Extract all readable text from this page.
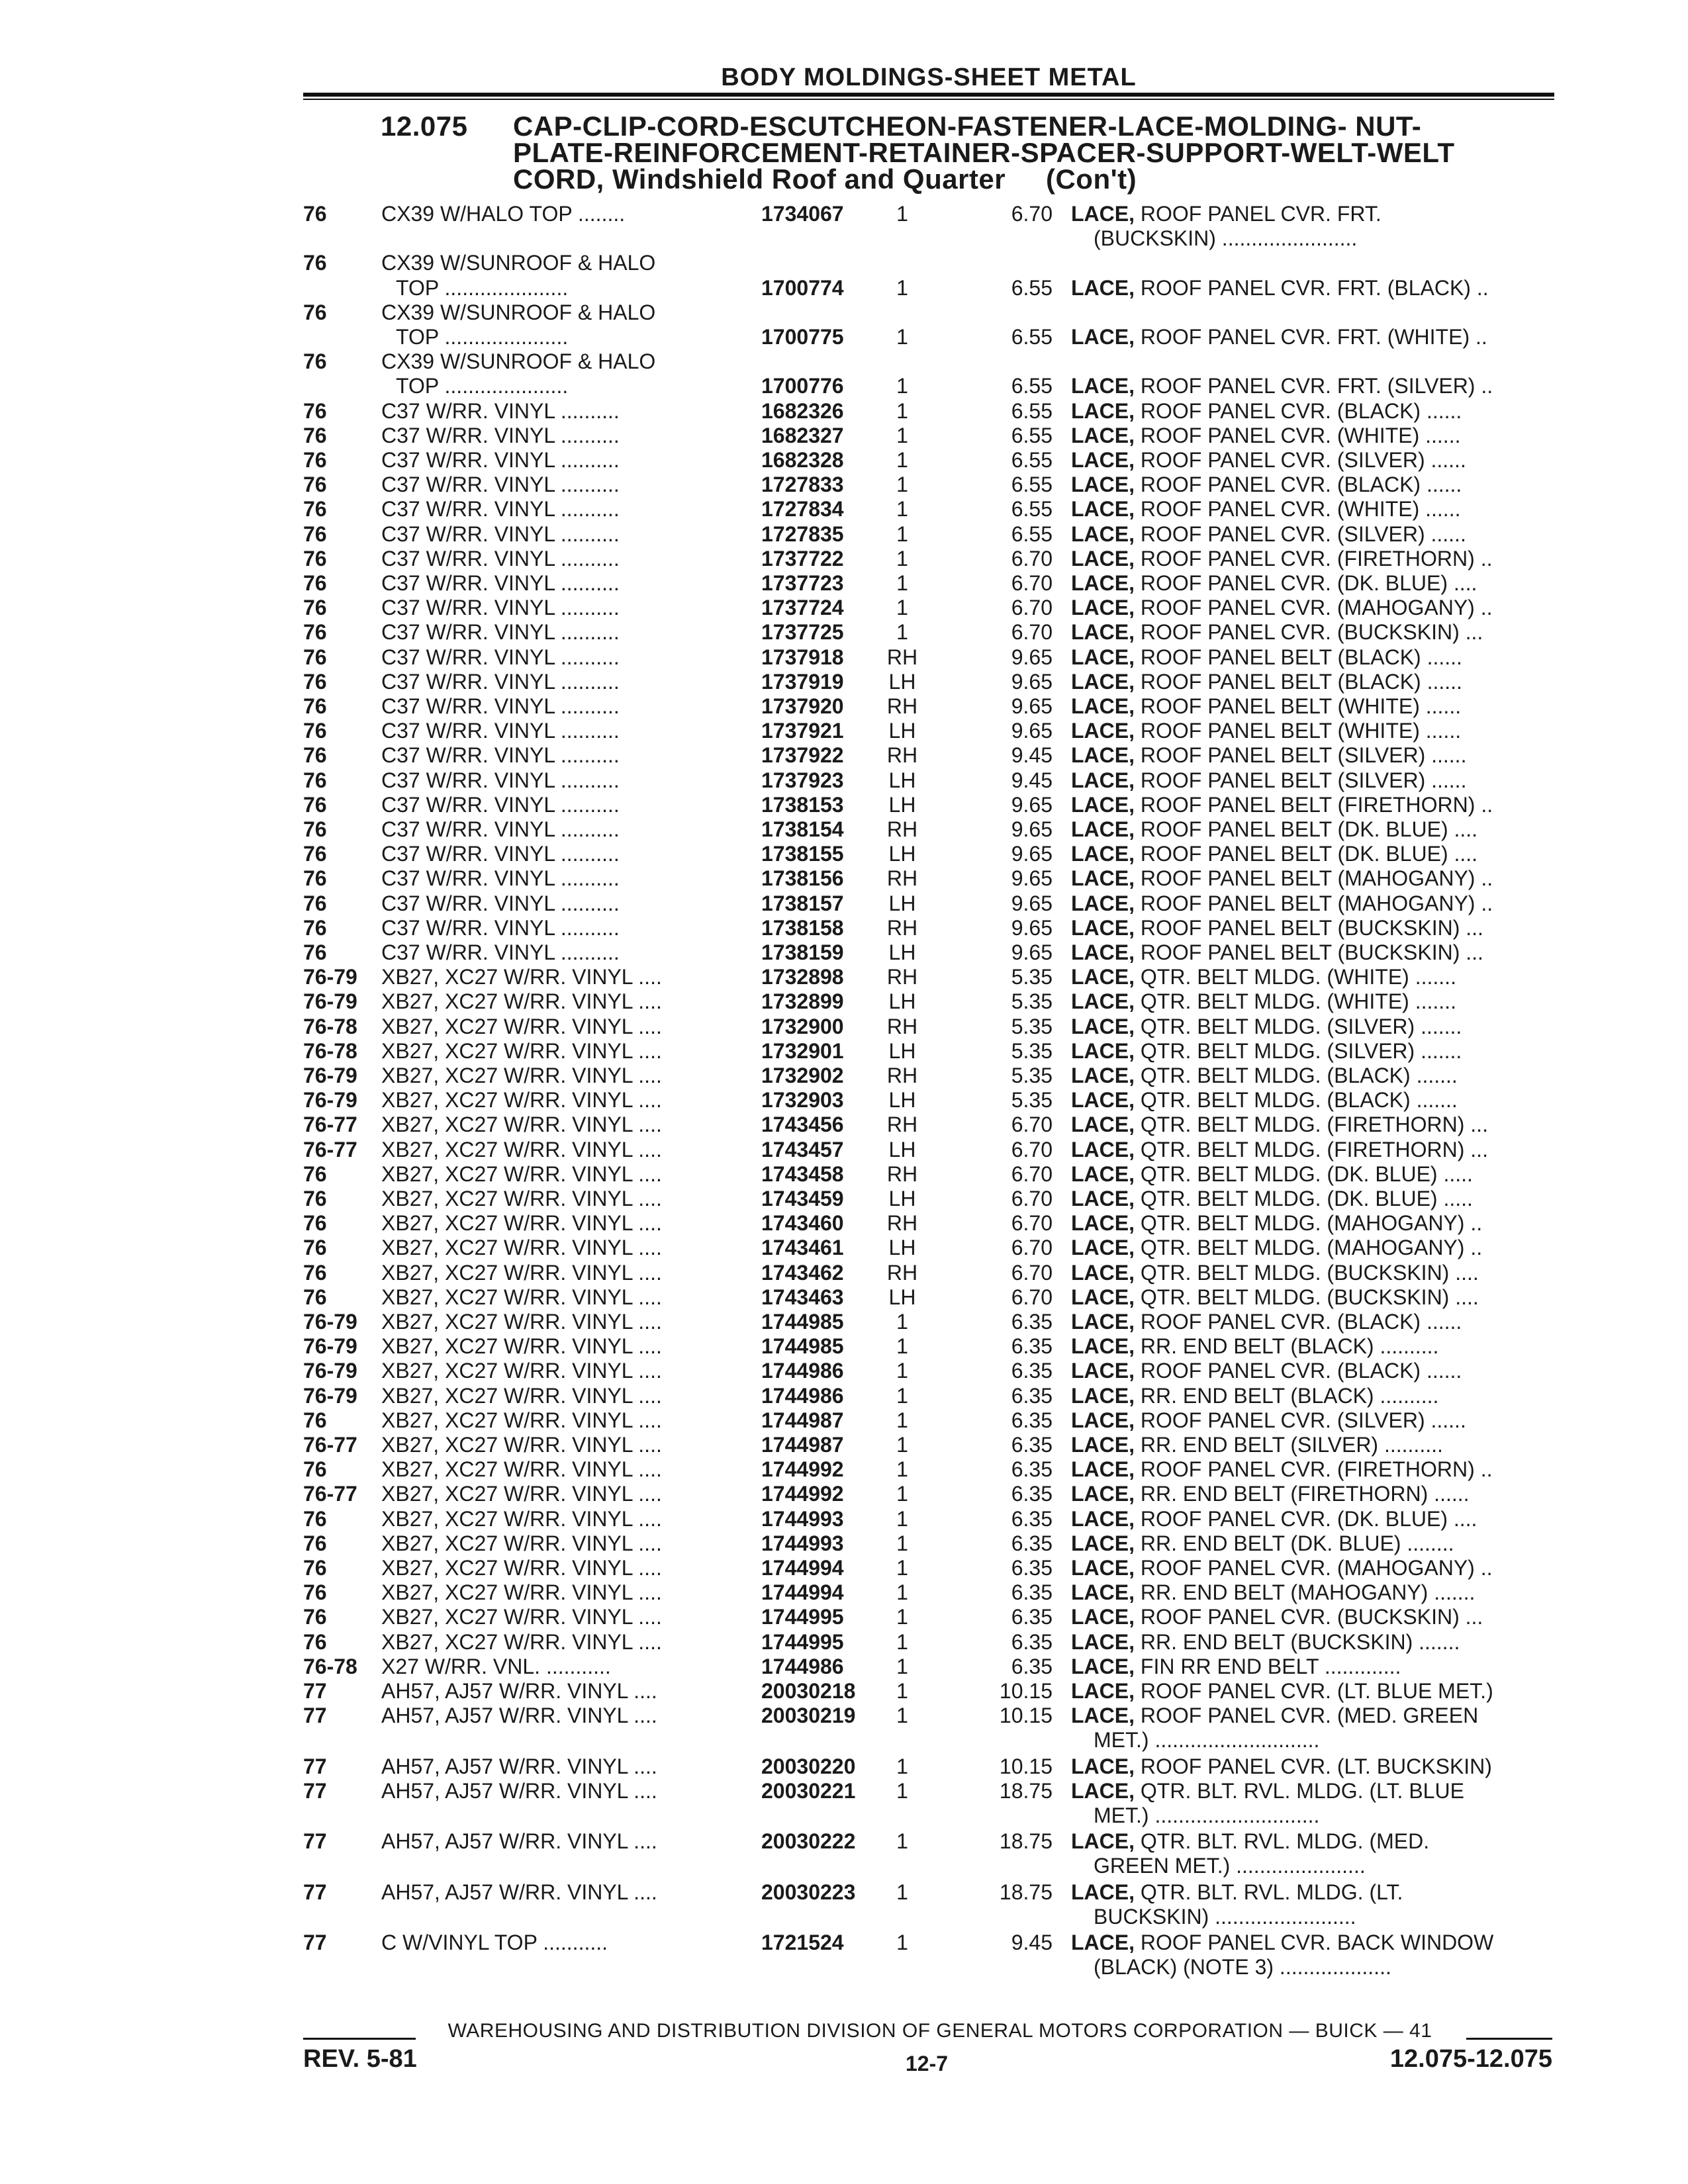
BODY MOLDINGS-SHEET METAL
12.075 CAP-CLIP-CORD-ESCUTCHEON-FASTENER-LACE-MOLDING- NUT-
PLATE-REINFORCEMENT-RETAINER-SPACER-SUPPORT-WELT-WELT
CORD, Windshield Roof and Quarter     (Con't)
76	CX39 W/HALO TOP ........	1734067	1	6.70 LACE, ROOF PANEL CVR. FRT.
(BUCKSKIN) .......................
76	CX39 W/SUNROOF & HALO
TOP .....................	1700774	1	6.55 LACE, ROOF PANEL CVR. FRT. (BLACK) ..
76	CX39 W/SUNROOF & HALO
TOP .....................	1700775	1	6.55 LACE, ROOF PANEL CVR. FRT. (WHITE) ..
76	CX39 W/SUNROOF & HALO
TOP .....................	1700776	1	6.55 LACE, ROOF PANEL CVR. FRT. (SILVER) ..
76	C37 W/RR. VINYL ..........	1682326	1	6.55 LACE, ROOF PANEL CVR. (BLACK) ......
76	C37 W/RR. VINYL ..........	1682327	1	6.55 LACE, ROOF PANEL CVR. (WHITE) ......
76	C37 W/RR. VINYL ..........	1682328	1	6.55 LACE, ROOF PANEL CVR. (SILVER) ......
76	C37 W/RR. VINYL ..........	1727833	1	6.55 LACE, ROOF PANEL CVR. (BLACK) ......
76	C37 W/RR. VINYL ..........	1727834	1	6.55 LACE, ROOF PANEL CVR. (WHITE) ......
76	C37 W/RR. VINYL ..........	1727835	1	6.55 LACE, ROOF PANEL CVR. (SILVER) ......
76	C37 W/RR. VINYL ..........	1737722	1	6.70 LACE, ROOF PANEL CVR. (FIRETHORN) ..
76	C37 W/RR. VINYL ..........	1737723	1	6.70 LACE, ROOF PANEL CVR. (DK. BLUE) ....
76	C37 W/RR. VINYL ..........	1737724	1	6.70 LACE, ROOF PANEL CVR. (MAHOGANY) ..
76	C37 W/RR. VINYL ..........	1737725	1	6.70 LACE, ROOF PANEL CVR. (BUCKSKIN) ...
76	C37 W/RR. VINYL ..........	1737918	RH	9.65 LACE, ROOF PANEL BELT (BLACK) ......
76	C37 W/RR. VINYL ..........	1737919	LH	9.65 LACE, ROOF PANEL BELT (BLACK) ......
76	C37 W/RR. VINYL ..........	1737920	RH	9.65 LACE, ROOF PANEL BELT (WHITE) ......
76	C37 W/RR. VINYL ..........	1737921	LH	9.65 LACE, ROOF PANEL BELT (WHITE) ......
76	C37 W/RR. VINYL ..........	1737922	RH	9.45 LACE, ROOF PANEL BELT (SILVER) ......
76	C37 W/RR. VINYL ..........	1737923	LH	9.45 LACE, ROOF PANEL BELT (SILVER) ......
76	C37 W/RR. VINYL ..........	1738153	LH	9.65 LACE, ROOF PANEL BELT (FIRETHORN) ..
76	C37 W/RR. VINYL ..........	1738154	RH	9.65 LACE, ROOF PANEL BELT (DK. BLUE) ....
76	C37 W/RR. VINYL ..........	1738155	LH	9.65 LACE, ROOF PANEL BELT (DK. BLUE) ....
76	C37 W/RR. VINYL ..........	1738156	RH	9.65 LACE, ROOF PANEL BELT (MAHOGANY) ..
76	C37 W/RR. VINYL ..........	1738157	LH	9.65 LACE, ROOF PANEL BELT (MAHOGANY) ..
76	C37 W/RR. VINYL ..........	1738158	RH	9.65 LACE, ROOF PANEL BELT (BUCKSKIN) ...
76	C37 W/RR. VINYL ..........	1738159	LH	9.65 LACE, ROOF PANEL BELT (BUCKSKIN) ...
76-79 XB27, XC27 W/RR. VINYL ....	1732898	RH	5.35 LACE, QTR. BELT MLDG. (WHITE) .......
76-79 XB27, XC27 W/RR. VINYL ....	1732899	LH	5.35 LACE, QTR. BELT MLDG. (WHITE) .......
76-78 XB27, XC27 W/RR. VINYL ....	1732900	RH	5.35 LACE, QTR. BELT MLDG. (SILVER) .......
76-78 XB27, XC27 W/RR. VINYL ....	1732901	LH	5.35 LACE, QTR. BELT MLDG. (SILVER) .......
76-79 XB27, XC27 W/RR. VINYL ....	1732902	RH	5.35 LACE, QTR. BELT MLDG. (BLACK) .......
76-79 XB27, XC27 W/RR. VINYL ....	1732903	LH	5.35 LACE, QTR. BELT MLDG. (BLACK) .......
76-77 XB27, XC27 W/RR. VINYL ....	1743456	RH	6.70 LACE, QTR. BELT MLDG. (FIRETHORN) ...
76-77 XB27, XC27 W/RR. VINYL ....	1743457	LH	6.70 LACE, QTR. BELT MLDG. (FIRETHORN) ...
76	XB27, XC27 W/RR. VINYL ....	1743458	RH	6.70 LACE, QTR. BELT MLDG. (DK. BLUE) .....
76	XB27, XC27 W/RR. VINYL ....	1743459	LH	6.70 LACE, QTR. BELT MLDG. (DK. BLUE) .....
76	XB27, XC27 W/RR. VINYL ....	1743460	RH	6.70 LACE, QTR. BELT MLDG. (MAHOGANY) ..
76	XB27, XC27 W/RR. VINYL ....	1743461	LH	6.70 LACE, QTR. BELT MLDG. (MAHOGANY) ..
76	XB27, XC27 W/RR. VINYL ....	1743462	RH	6.70 LACE, QTR. BELT MLDG. (BUCKSKIN) ....
76	XB27, XC27 W/RR. VINYL ....	1743463	LH	6.70 LACE, QTR. BELT MLDG. (BUCKSKIN) ....
76-79 XB27, XC27 W/RR. VINYL ....	1744985	1	6.35 LACE, ROOF PANEL CVR. (BLACK) ......
76-79 XB27, XC27 W/RR. VINYL ....	1744985	1	6.35 LACE, RR. END BELT (BLACK) ..........
76-79 XB27, XC27 W/RR. VINYL ....	1744986	1	6.35 LACE, ROOF PANEL CVR. (BLACK) ......
76-79 XB27, XC27 W/RR. VINYL ....	1744986	1	6.35 LACE, RR. END BELT (BLACK) ..........
76	XB27, XC27 W/RR. VINYL ....	1744987	1	6.35 LACE, ROOF PANEL CVR. (SILVER) ......
76-77 XB27, XC27 W/RR. VINYL ....	1744987	1	6.35 LACE, RR. END BELT (SILVER) ..........
76	XB27, XC27 W/RR. VINYL ....	1744992	1	6.35 LACE, ROOF PANEL CVR. (FIRETHORN) ..
76-77 XB27, XC27 W/RR. VINYL ....	1744992	1	6.35 LACE, RR. END BELT (FIRETHORN) ......
76	XB27, XC27 W/RR. VINYL ....	1744993	1	6.35 LACE, ROOF PANEL CVR. (DK. BLUE) ....
76	XB27, XC27 W/RR. VINYL ....	1744993	1	6.35 LACE, RR. END BELT (DK. BLUE) ........
76	XB27, XC27 W/RR. VINYL ....	1744994	1	6.35 LACE, ROOF PANEL CVR. (MAHOGANY) ..
76	XB27, XC27 W/RR. VINYL ....	1744994	1	6.35 LACE, RR. END BELT (MAHOGANY) .......
76	XB27, XC27 W/RR. VINYL ....	1744995	1	6.35 LACE, ROOF PANEL CVR. (BUCKSKIN) ...
76	XB27, XC27 W/RR. VINYL ....	1744995	1	6.35 LACE, RR. END BELT (BUCKSKIN) .......
76-78 X27 W/RR. VNL. ...........	1744986	1	6.35 LACE, FIN RR END BELT .............
77	AH57, AJ57 W/RR. VINYL ....	20030218	1	10.15 LACE, ROOF PANEL CVR. (LT. BLUE MET.)
77	AH57, AJ57 W/RR. VINYL ....	20030219	1	10.15 LACE, ROOF PANEL CVR. (MED. GREEN
MET.) ............................
77	AH57, AJ57 W/RR. VINYL ....	20030220	1	10.15 LACE, ROOF PANEL CVR. (LT. BUCKSKIN)
77	AH57, AJ57 W/RR. VINYL ....	20030221	1	18.75 LACE, QTR. BLT. RVL. MLDG. (LT. BLUE
MET.) ............................
77	AH57, AJ57 W/RR. VINYL ....	20030222	1	18.75 LACE, QTR. BLT. RVL. MLDG. (MED.
GREEN MET.) ......................
77	AH57, AJ57 W/RR. VINYL ....	20030223	1	18.75 LACE, QTR. BLT. RVL. MLDG. (LT.
BUCKSKIN) ........................
77	C W/VINYL TOP ...........	1721524	1	9.45 LACE, ROOF PANEL CVR. BACK WINDOW
(BLACK) (NOTE 3) ...................
WAREHOUSING AND DISTRIBUTION DIVISION OF GENERAL MOTORS CORPORATION — BUICK — 41
REV. 5-81	12-7	12.075-12.075
